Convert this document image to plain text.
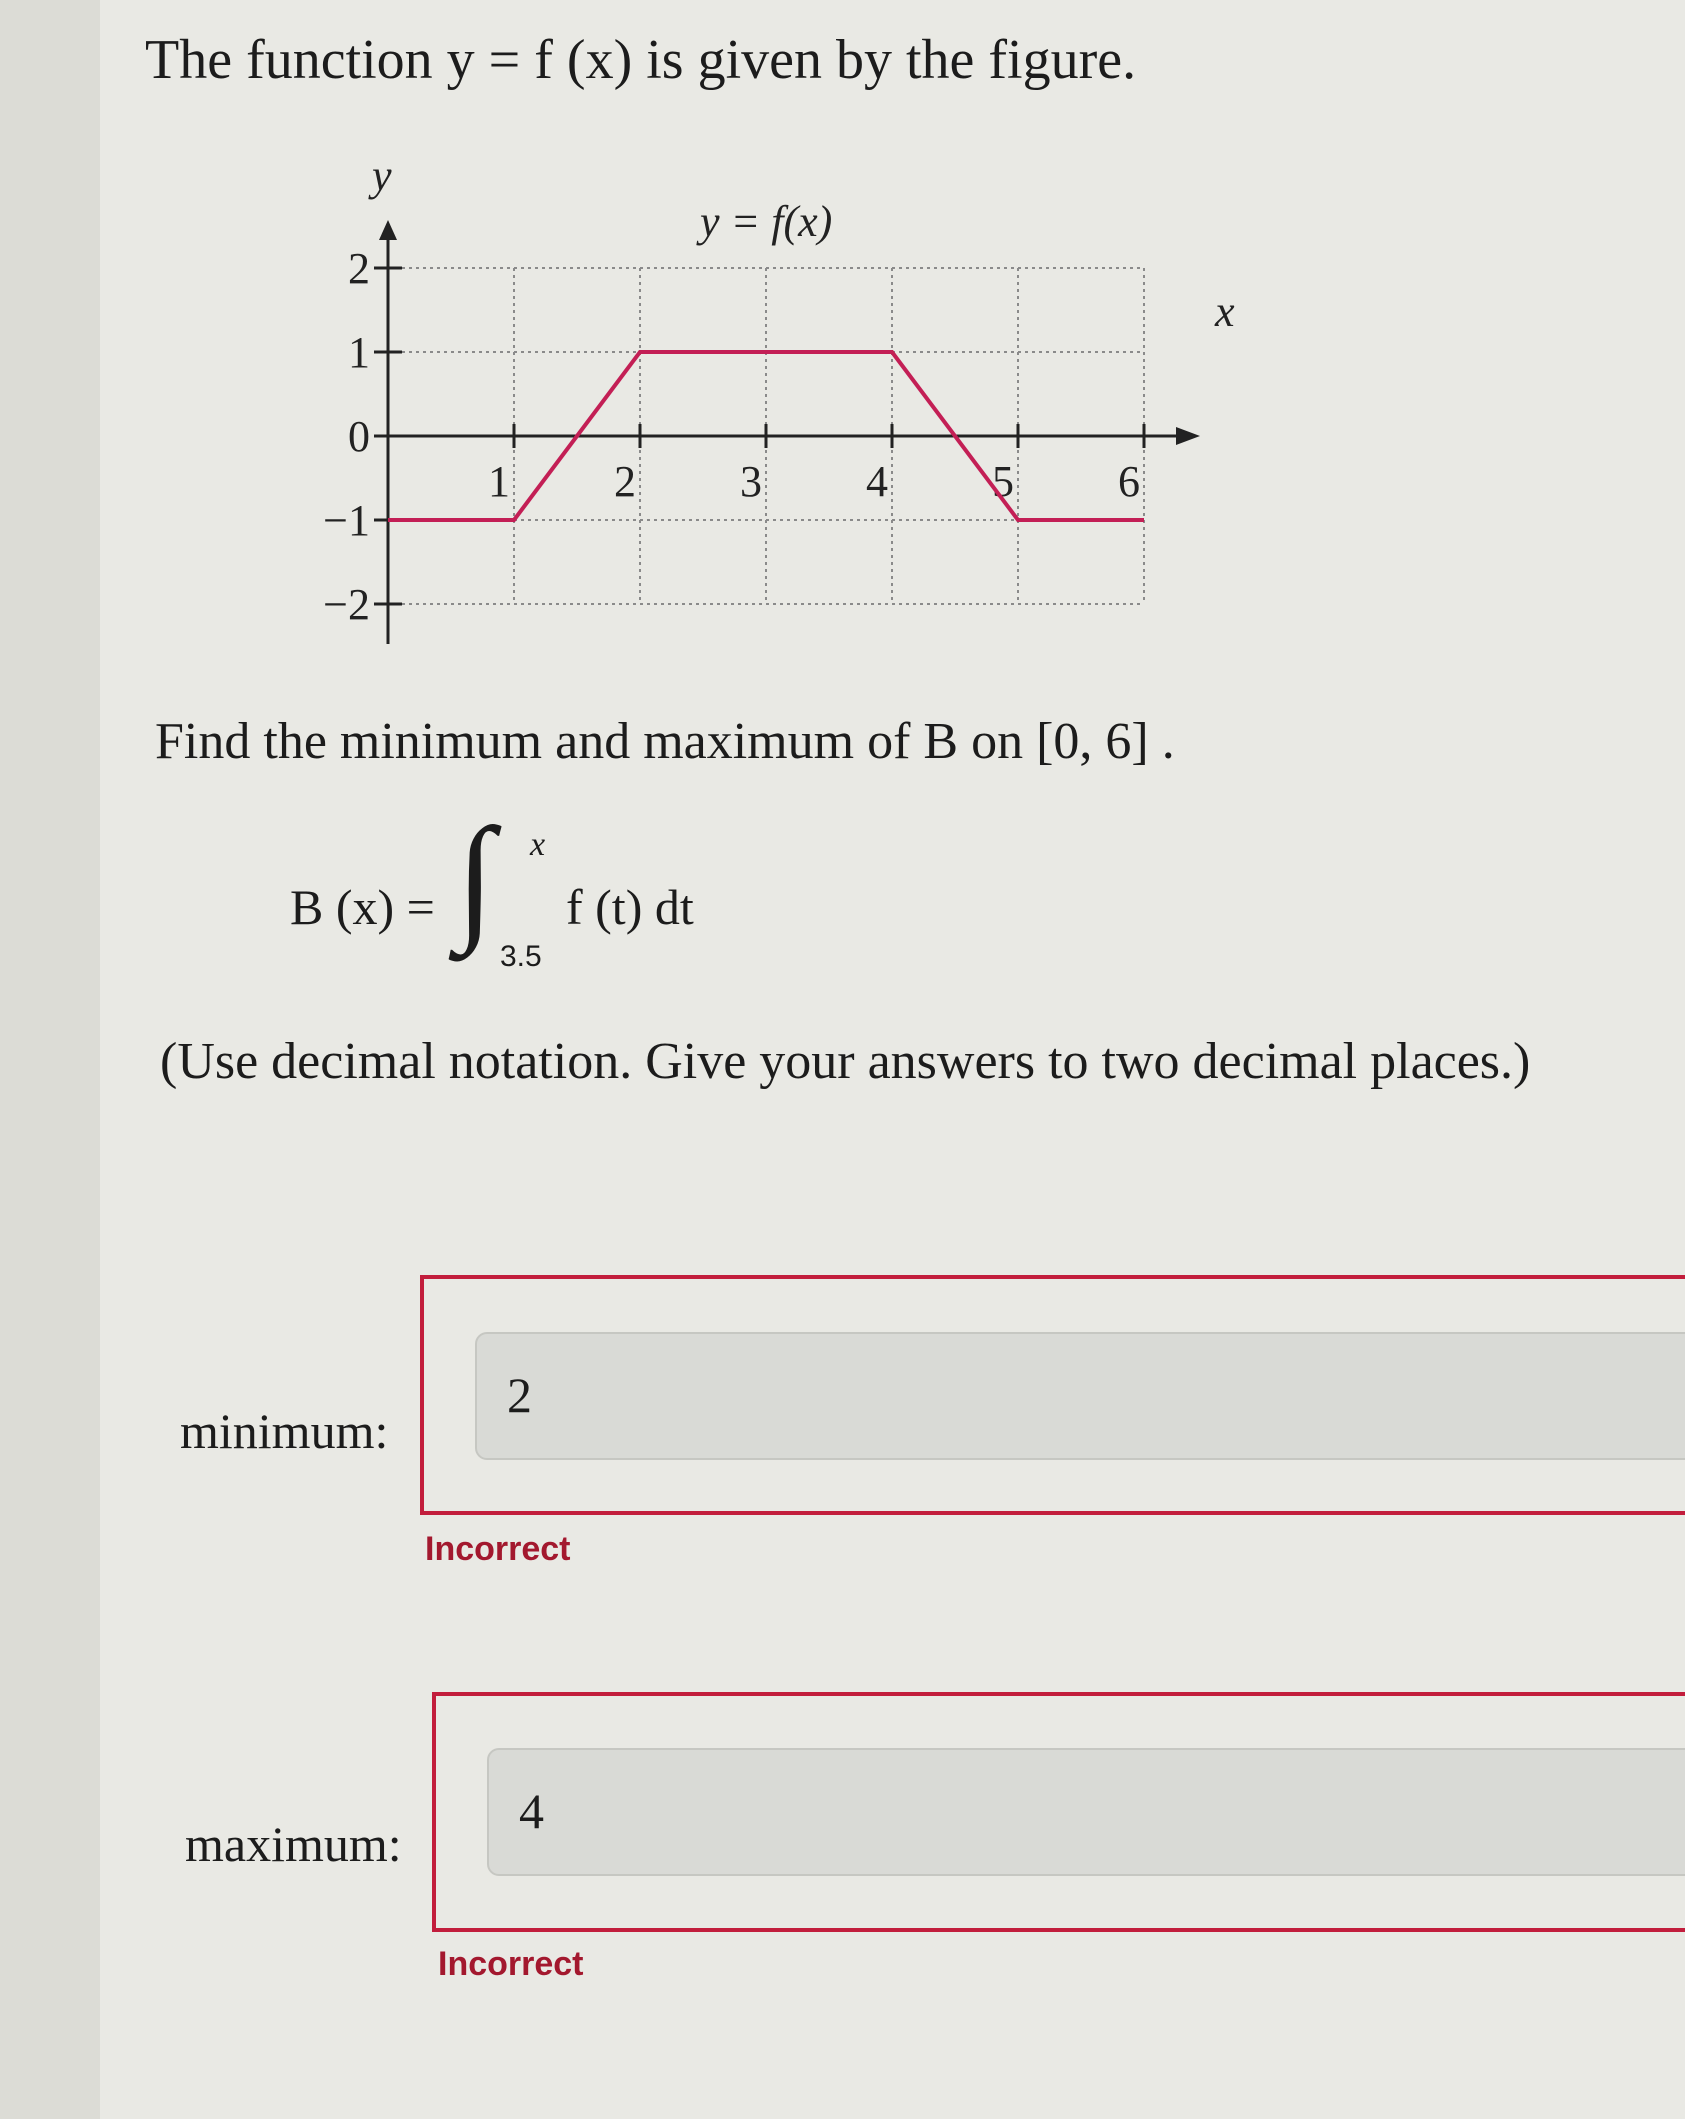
The function y = f (x) is given by the figure.
1 2 3 4 5 6
2
1
0
−1
−2
y = f(x)
x
y
Find the minimum and maximum of B on [0, 6] .
B (x) = ∫ x
3.5
f (t) dt
(Use decimal notation. Give your answers to two decimal places.)
minimum:
2
Incorrect
maximum:
4
Incorrect
